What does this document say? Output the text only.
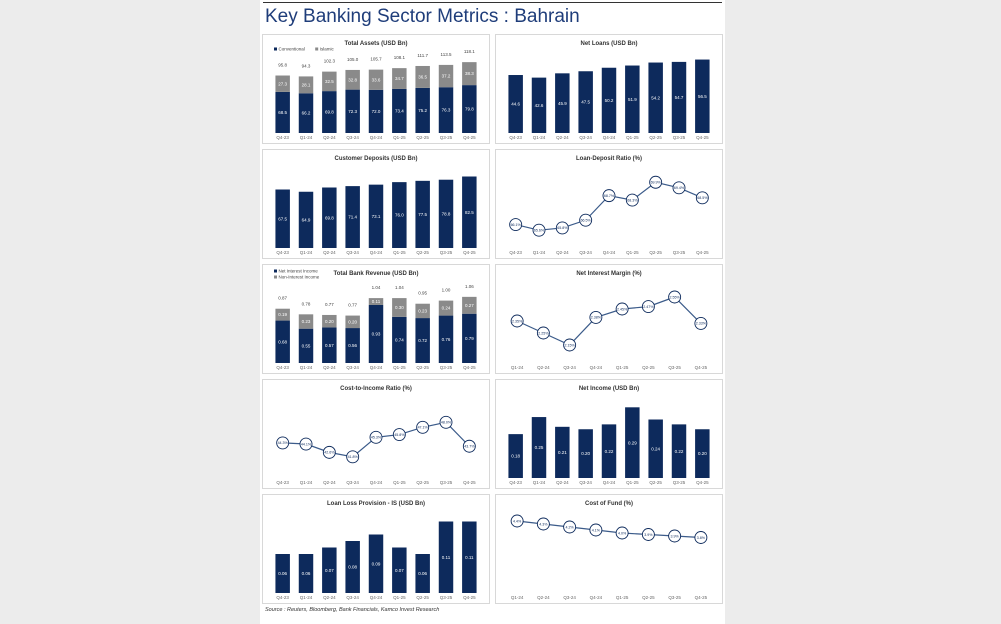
Key Banking Sector Metrics : Bahrain
Total Assets (USD Bn)
Q4-23 Q1-24 Q2-24 Q3-24 Q4-24 Q1-25 Q2-25 Q3-25 Q4-25
Conventional	Islamic
68.5
27.3
95.8
66.2
28.1
94.3
69.8
32.5
102.3
72.3
32.8
105.0
72.0
33.6
105.7
73.4
34.7
108.1
75.2
36.5
111.7
76.3
37.2
113.5
79.8
38.3
118.1
Net Loans (USD Bn)
Q4-23 Q1-24 Q2-24 Q3-24 Q4-24 Q1-25 Q2-25 Q3-25 Q4-25
44.6	42.6	45.9	47.5	50.2	51.9	54.2	54.7	56.5
Customer Deposits (USD Bn)
Q4-23 Q1-24 Q2-24 Q3-24 Q4-24 Q1-25 Q2-25 Q3-25 Q4-25
67.5	64.9	69.8	71.4	73.1	76.0	77.5	78.8	82.5
Loan-Deposit Ratio (%)
Q4-23 Q1-24 Q2-24 Q3-24 Q4-24 Q1-25 Q2-25 Q3-25 Q4-25
66.1%
65.6%
65.8%
66.5%
68.7%
68.3%
69.9%
69.4%
68.5%
Total Bank Revenue (USD Bn)
Q4-23 Q1-24 Q2-24 Q3-24 Q4-24 Q1-25 Q2-25 Q3-25 Q4-25
Net Interest Income
Non-Interest Income
0.68
0.19
0.87
0.55
0.23
0.78
0.57
0.20
0.77
0.56
0.20
0.77
0.93
0.11
1.04
0.74
0.30
1.04
0.72
0.23
0.95
0.76
0.24
1.00
0.79
0.27
1.06
Net Interest Margin (%)
Q1-24	Q2-24	Q3-24	Q4-24	Q1-25	Q2-25	Q3-25	Q4-25
2.35%
2.25%
2.15%
2.38%
2.45%
2.47%
2.55%
2.33%
Cost-to-Income Ratio (%)
Q4-23 Q1-24 Q2-24 Q3-24 Q4-24 Q1-25 Q2-25 Q3-25 Q4-25
44.3%	44.1%
42.6%
41.8%
45.3%
45.8%
47.1%
48.0%
43.7%
Net Income (USD Bn)
Q4-23 Q1-24 Q2-24 Q3-24 Q4-24 Q1-25 Q2-25 Q3-25 Q4-25
0.18
0.25
0.21	0.20	0.22
0.29
0.24	0.22	0.20
Loan Loss Provision - IS (USD Bn)
Q4-23 Q1-24 Q2-24 Q3-24 Q4-24 Q1-25 Q2-25 Q3-25 Q4-25
0.06	0.06
0.07
0.08
0.09
0.07
0.06
0.11	0.11
Cost of Fund (%)
Q1-24	Q2-24	Q3-24	Q4-24	Q1-25	Q2-25	Q3-25	Q4-25
4.4%
4.3%
4.2%
4.1%
4.0%	3.9%	3.9%	3.8%
Source : Reuters, Bloomberg, Bank Financials, Kamco Invest Research
